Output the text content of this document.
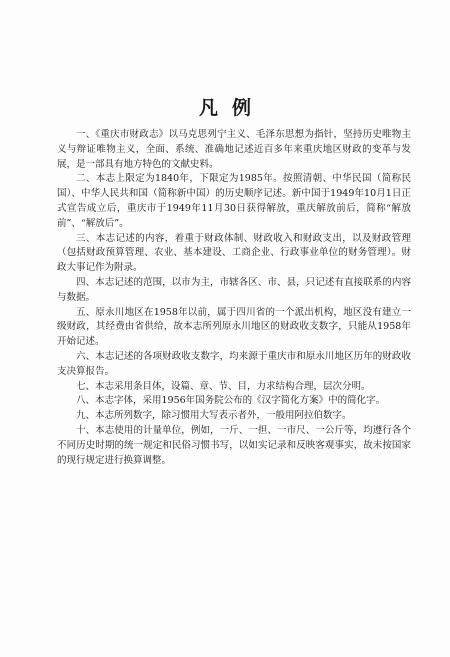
凡例

一、《重庆市财政志》以马克思列宁主义、毛泽东思想为指针，坚持历史唯物主义与辩证唯物主义，全面、系统、准确地记述近百多年来重庆地区财政的变革与发展，是一部具有地方特色的文献史料。

二、本志上限定为1840年，下限定为1985年。按照清朝、中华民国（简称民国）、中华人民共和国（简称新中国）的历史顺序记述。新中国于1949年10月1日正式宣告成立后，重庆市于1949年11月30日获得解放，重庆解放前后，简称“解放前”、“解放后”。

三、本志记述的内容，着重于财政体制、财政收入和财政支出，以及财政管理（包括财政预算管理、农业、基本建设、工商企业、行政事业单位的财务管理）。财政大事记作为附录。

四、本志记述的范围，以市为主，市辖各区、市、县，只记述有直接联系的内容与数据。

五、原永川地区在1958年以前，属于四川省的一个派出机构，地区没有建立一级财政，其经费由省供给，故本志所列原永川地区的财政收支数字，只能从1958年开始记述。

六、本志记述的各项财政收支数字，均来源于重庆市和原永川地区历年的财政收支决算报告。

七、本志采用条目体，设篇、章、节、目，力求结构合理，层次分明。

八、本志字体，采用1956年国务院公布的《汉字简化方案》中的简化字。

九、本志所列数字，除习惯用大写表示者外，一般用阿拉伯数字。

十、本志使用的计量单位，例如，一斤、一担、一市尺、一公斤等，均遵行各个不同历史时期的统一规定和民俗习惯书写，以如实记录和反映客观事实，故未按国家的现行规定进行换算调整。
